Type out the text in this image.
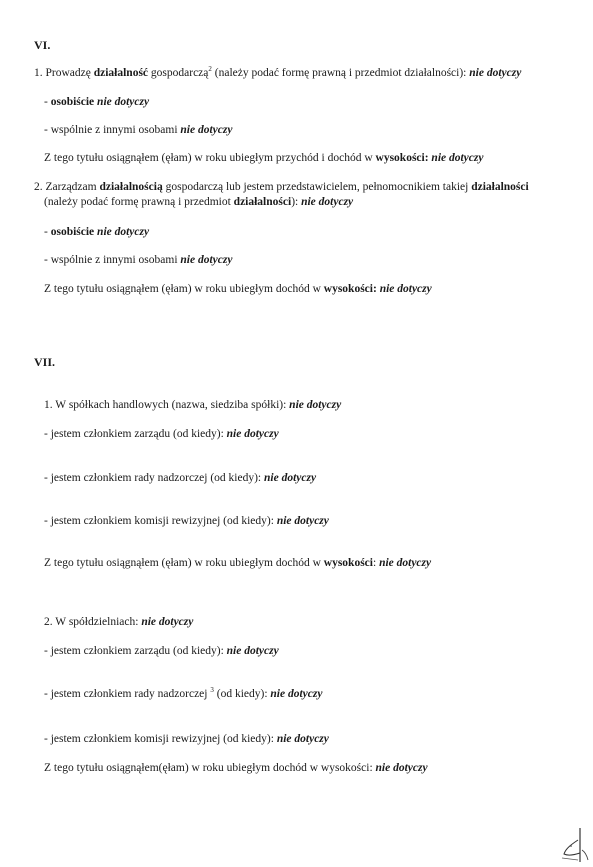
VI.
1. Prowadzę działalność gospodarczą$^2$ (należy podać formę prawną i przedmiot działalności): nie dotyczy
- osobiście nie dotyczy
- wspólnie z innymi osobami nie dotyczy
Z tego tytułu osiągnąłem (ęłam) w roku ubiegłym przychód i dochód w wysokości: nie dotyczy
2. Zarządzam działalnością gospodarczą lub jestem przedstawicielem, pełnomocnikiem takiej działalności
(należy podać formę prawną i przedmiot działalności): nie dotyczy
- osobiście nie dotyczy
- wspólnie z innymi osobami nie dotyczy
Z tego tytułu osiągnąłem (ęłam) w roku ubiegłym dochód w wysokości: nie dotyczy
VII.
1. W spółkach handlowych (nazwa, siedziba spółki): nie dotyczy
- jestem członkiem zarządu (od kiedy): nie dotyczy
- jestem członkiem rady nadzorczej (od kiedy): nie dotyczy
- jestem członkiem komisji rewizyjnej (od kiedy): nie dotyczy
Z tego tytułu osiągnąłem (ęłam) w roku ubiegłym dochód w wysokości: nie dotyczy
2. W spółdzielniach: nie dotyczy
- jestem członkiem zarządu (od kiedy): nie dotyczy
- jestem członkiem rady nadzorczej $^3$ (od kiedy): nie dotyczy
- jestem członkiem komisji rewizyjnej (od kiedy): nie dotyczy
Z tego tytułu osiągnąłem(ęłam) w roku ubiegłym dochód w wysokości: nie dotyczy
